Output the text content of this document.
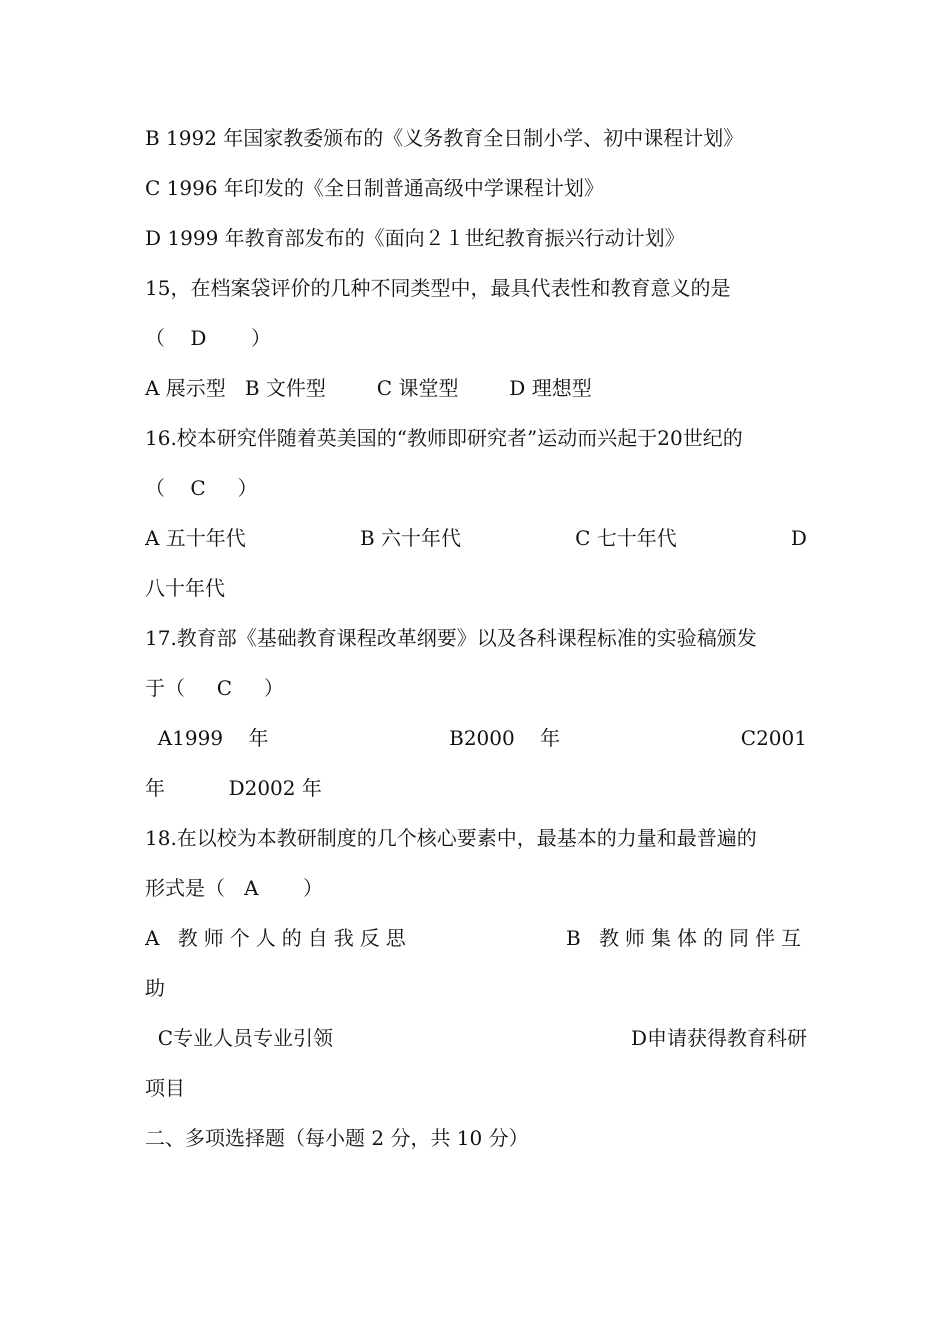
B 1992 年国家教委颁布的《义务教育全日制小学、初中课程计划》
C 1996 年印发的《全日制普通高级中学课程计划》
D 1999 年教育部发布的《面向２１世纪教育振兴行动计划》
15，在档案袋评价的几种不同类型中，最具代表性和教育意义的是
（    D       ）
A 展示型   B 文件型        C 课堂型        D 理想型
16.校本研究伴随着英美国的“教师即研究者”运动而兴起于20世纪的
（    C     ）
A 五十年代	B 六十年代	C 七十年代	D
八十年代
17.教育部《基础教育课程改革纲要》以及各科课程标准的实验稿颁发
于（     C     ）
A1999    年	B2000    年	C2001
年          D2002 年
18.在以校为本教研制度的几个核心要素中，最基本的力量和最普遍的
形式是（   A       ）
A 教师个人的自我反思	B 教师集体的同伴互
助
C专业人员专业引领	D申请获得教育科研
项目
二、多项选择题（每小题 2 分，共 10 分）
